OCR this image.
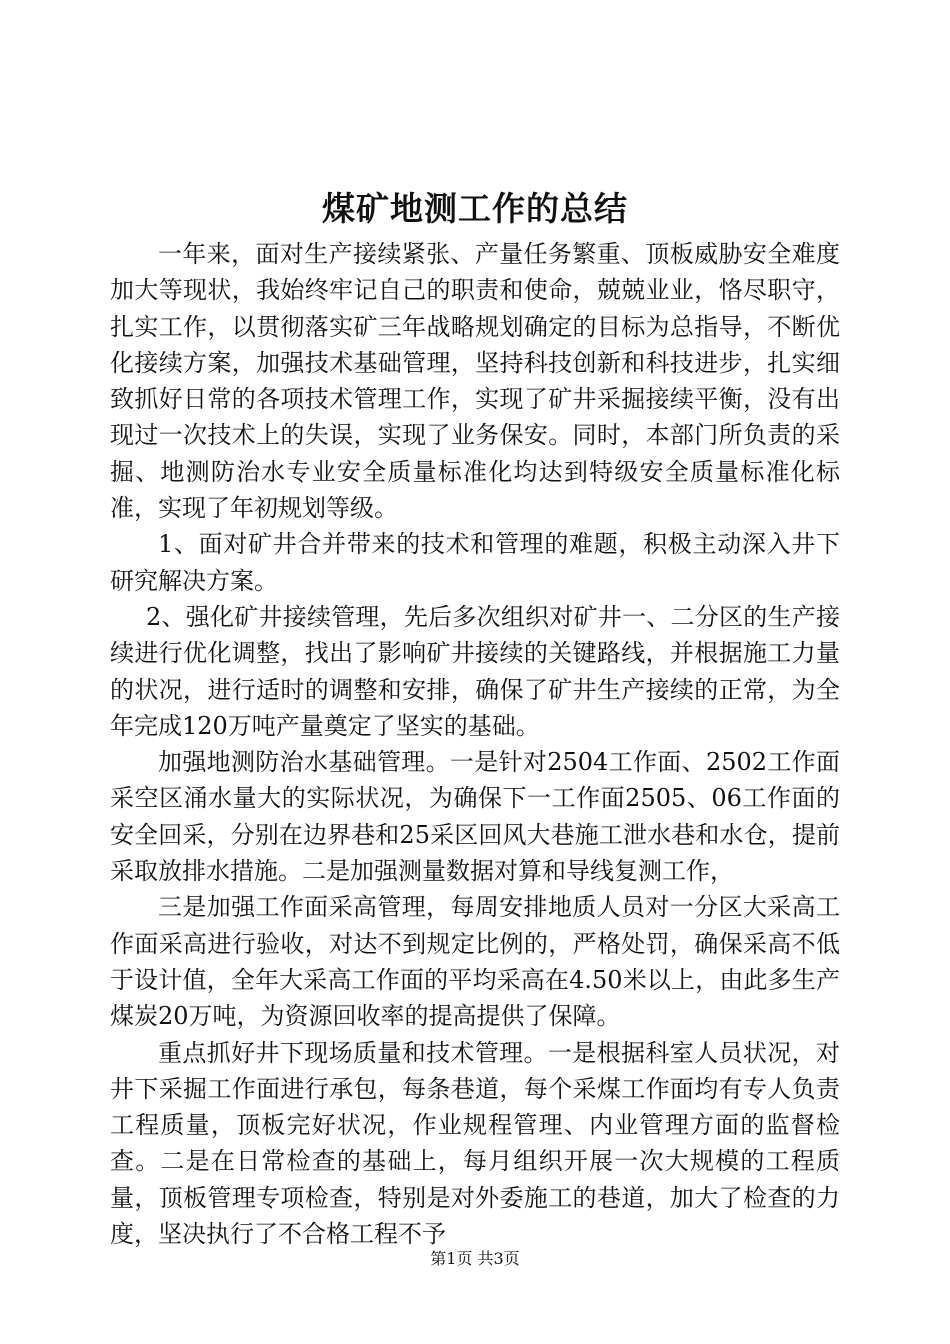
煤矿地测工作的总结

一年来，面对生产接续紧张、产量任务繁重、顶板威胁安全难度加大等现状，我始终牢记自己的职责和使命，兢兢业业，恪尽职守，扎实工作，以贯彻落实矿三年战略规划确定的目标为总指导，不断优化接续方案，加强技术基础管理，坚持科技创新和科技进步，扎实细致抓好日常的各项技术管理工作，实现了矿井采掘接续平衡，没有出现过一次技术上的失误，实现了业务保安。同时，本部门所负责的采掘、地测防治水专业安全质量标准化均达到特级安全质量标准化标准，实现了年初规划等级。

1、面对矿井合并带来的技术和管理的难题，积极主动深入井下研究解决方案。

2、强化矿井接续管理，先后多次组织对矿井一、二分区的生产接续进行优化调整，找出了影响矿井接续的关键路线，并根据施工力量的状况，进行适时的调整和安排，确保了矿井生产接续的正常，为全年完成120万吨产量奠定了坚实的基础。

加强地测防治水基础管理。一是针对2504工作面、2502工作面采空区涌水量大的实际状况，为确保下一工作面2505、06工作面的安全回采，分别在边界巷和25采区回风大巷施工泄水巷和水仓，提前采取放排水措施。二是加强测量数据对算和导线复测工作，

三是加强工作面采高管理，每周安排地质人员对一分区大采高工作面采高进行验收，对达不到规定比例的，严格处罚，确保采高不低于设计值，全年大采高工作面的平均采高在4.50米以上，由此多生产煤炭20万吨，为资源回收率的提高提供了保障。

重点抓好井下现场质量和技术管理。一是根据科室人员状况，对井下采掘工作面进行承包，每条巷道，每个采煤工作面均有专人负责工程质量，顶板完好状况，作业规程管理、内业管理方面的监督检查。二是在日常检查的基础上，每月组织开展一次大规模的工程质量，顶板管理专项检查，特别是对外委施工的巷道，加大了检查的力度，坚决执行了不合格工程不予

第1页 共3页
